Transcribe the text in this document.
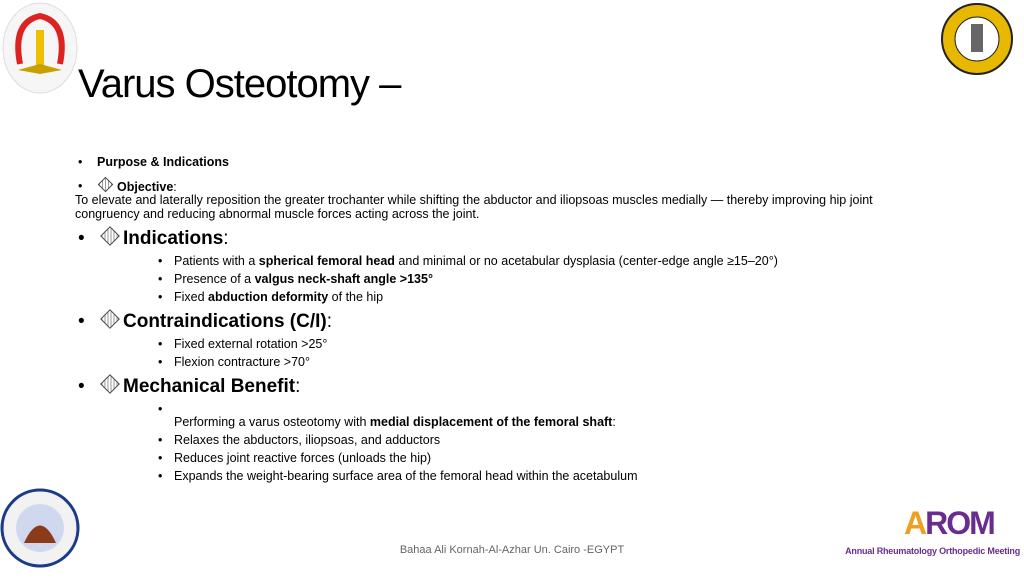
AROM
Annual Rheumatology Orthopedic Meeting
Varus Osteotomy –
• Purpose & Indications
•	Objective:
To elevate and laterally reposition the greater trochanter while shifting the abductor and iliopsoas muscles medially — thereby improving hip joint congruency and reducing abnormal muscle forces acting across the joint.
•	Indications:
• Patients with a spherical femoral head and minimal or no acetabular dysplasia (center-edge angle ≥15–20°)
• Presence of a valgus neck-shaft angle >135°
• Fixed abduction deformity of the hip
•	Contraindications (C/I):
• Fixed external rotation >25°
• Flexion contracture >70°
•	Mechanical Benefit:
•
Performing a varus osteotomy with medial displacement of the femoral shaft:
• Relaxes the abductors, iliopsoas, and adductors
• Reduces joint reactive forces (unloads the hip)
• Expands the weight-bearing surface area of the femoral head within the acetabulum
Bahaa Ali Kornah-Al-Azhar Un. Cairo -EGYPT
